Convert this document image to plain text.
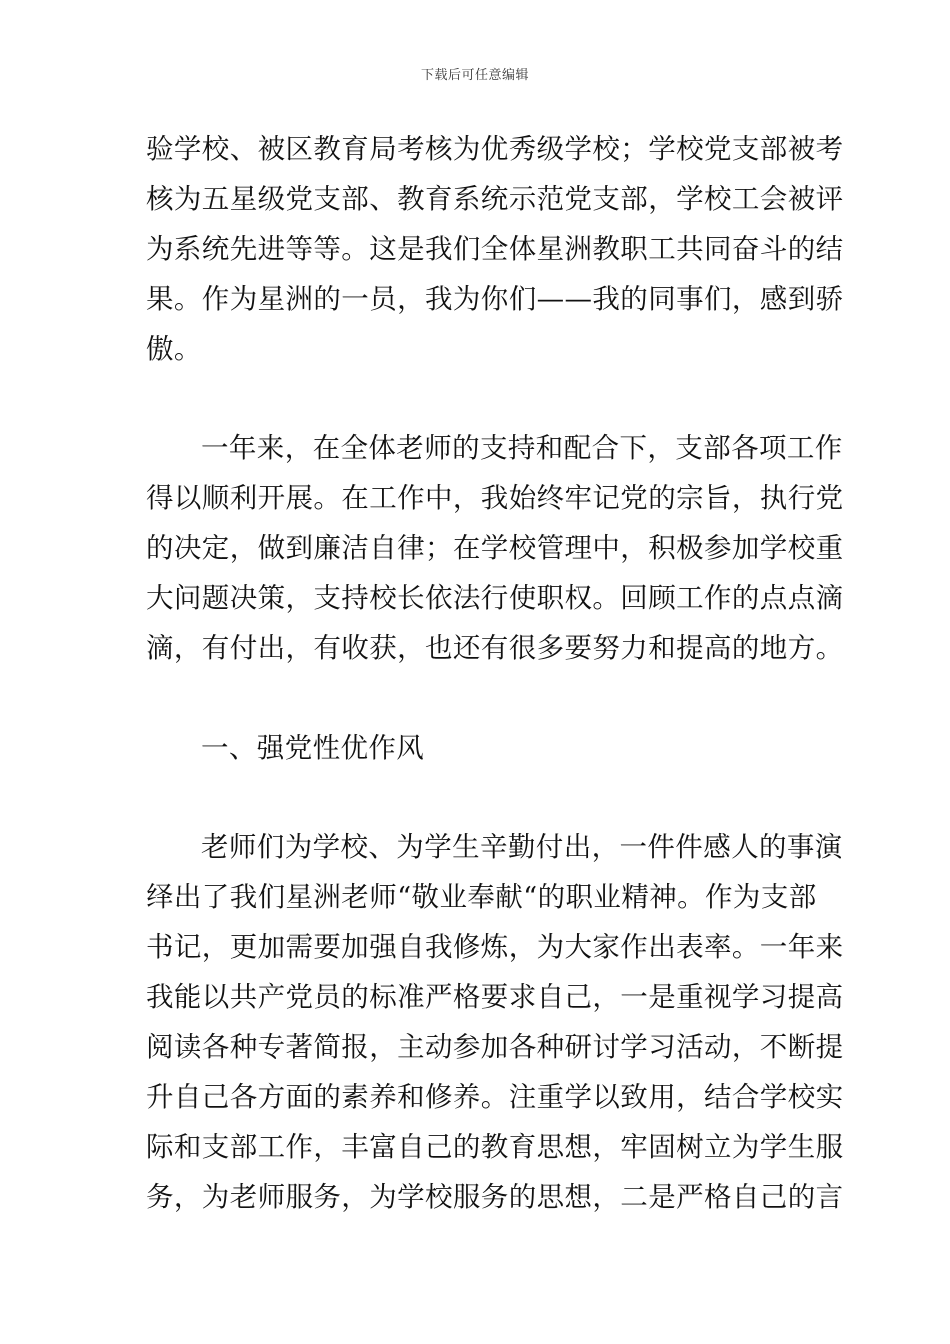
下载后可任意编辑
验学校、被区教育局考核为优秀级学校；学校党支部被考
核为五星级党支部、教育系统示范党支部，学校工会被评
为系统先进等等。这是我们全体星洲教职工共同奋斗的结
果。作为星洲的一员，我为你们——我的同事们，感到骄
傲。
一年来，在全体老师的支持和配合下，支部各项工作
得以顺利开展。在工作中，我始终牢记党的宗旨，执行党
的决定，做到廉洁自律；在学校管理中，积极参加学校重
大问题决策，支持校长依法行使职权。回顾工作的点点滴
滴，有付出，有收获，也还有很多要努力和提高的地方。
一、强党性优作风
老师们为学校、为学生辛勤付出，一件件感人的事演
绎出了我们星洲老师“敬业奉献“的职业精神。作为支部
书记，更加需要加强自我修炼，为大家作出表率。一年来
我能以共产党员的标准严格要求自己，一是重视学习提高
阅读各种专著简报，主动参加各种研讨学习活动，不断提
升自己各方面的素养和修养。注重学以致用，结合学校实
际和支部工作，丰富自己的教育思想，牢固树立为学生服
务，为老师服务，为学校服务的思想，二是严格自己的言
